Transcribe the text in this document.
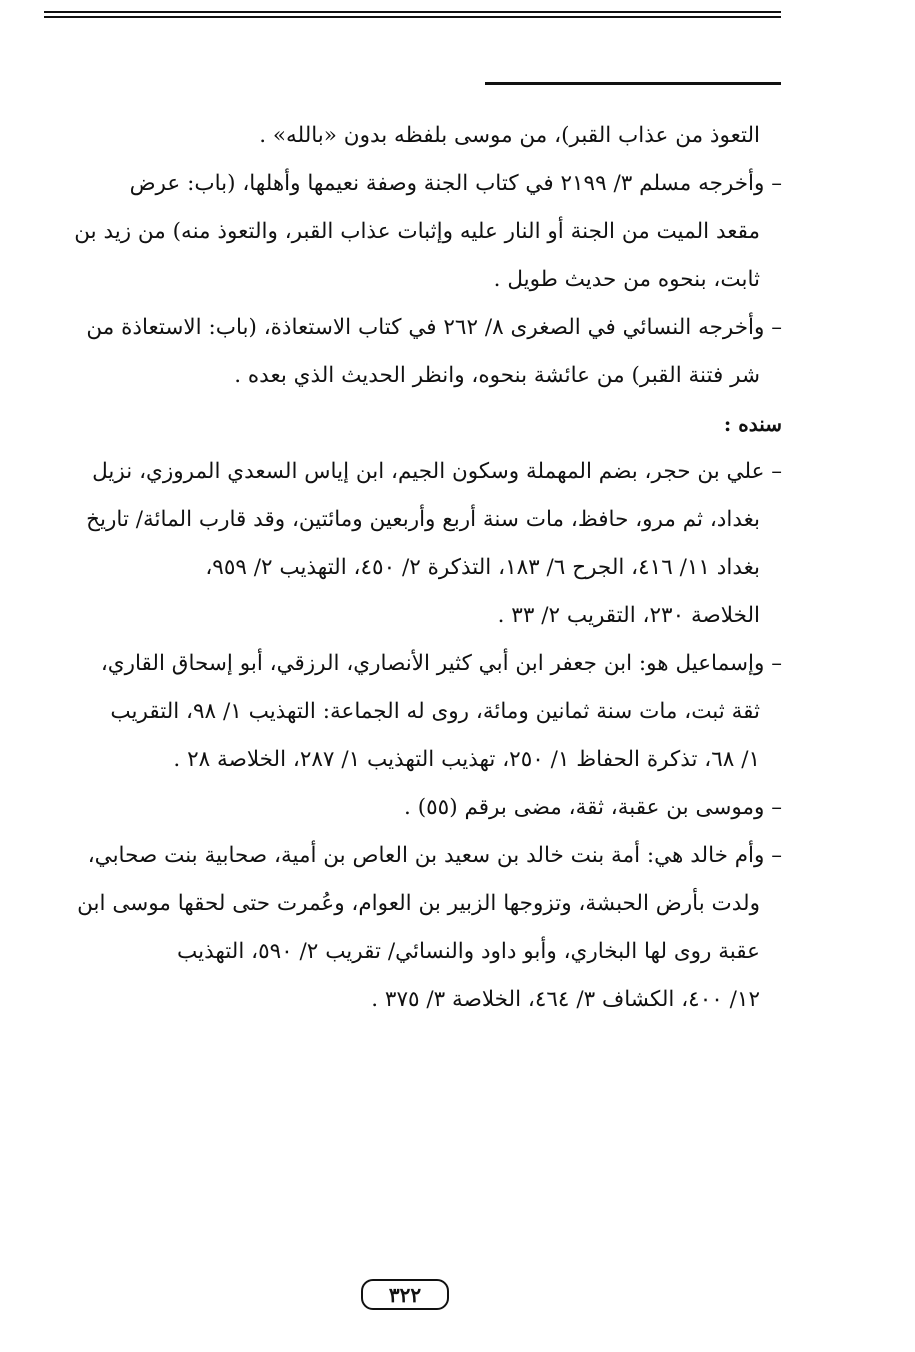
التعوذ من عذاب القبر)، من موسى بلفظه بدون «بالله» .
– وأخرجه مسلم ٣/ ٢١٩٩ في كتاب الجنة وصفة نعيمها وأهلها، (باب: عرض
مقعد الميت من الجنة أو النار عليه وإثبات عذاب القبر، والتعوذ منه) من زيد بن
ثابت، بنحوه من حديث طويل .
– وأخرجه النسائي في الصغرى ٨/ ٢٦٢ في كتاب الاستعاذة، (باب: الاستعاذة من
شر فتنة القبر) من عائشة بنحوه، وانظر الحديث الذي بعده .
سنده :
– علي بن حجر، بضم المهملة وسكون الجيم، ابن إياس السعدي المروزي، نزيل
بغداد، ثم مرو، حافظ، مات سنة أربع وأربعين ومائتين، وقد قارب المائة/ تاريخ
بغداد ١١/ ٤١٦، الجرح ٦/ ١٨٣، التذكرة ٢/ ٤٥٠، التهذيب ٢/ ٩٥٩،
الخلاصة ٢٣٠، التقريب ٢/ ٣٣ .
– وإسماعيل هو: ابن جعفر ابن أبي كثير الأنصاري، الرزقي، أبو إسحاق القاري،
ثقة ثبت، مات سنة ثمانين ومائة، روى له الجماعة: التهذيب ١/ ٩٨، التقريب
١/ ٦٨، تذكرة الحفاظ ١/ ٢٥٠، تهذيب التهذيب ١/ ٢٨٧، الخلاصة ٢٨ .
– وموسى بن عقبة، ثقة، مضى برقم (٥٥) .
– وأم خالد هي: أمة بنت خالد بن سعيد بن العاص بن أمية، صحابية بنت صحابي،
ولدت بأرض الحبشة، وتزوجها الزبير بن العوام، وعُمرت حتى لحقها موسى ابن
عقبة روى لها البخاري، وأبو داود والنسائي/ تقريب ٢/ ٥٩٠، التهذيب
١٢/ ٤٠٠، الكشاف ٣/ ٤٦٤، الخلاصة ٣/ ٣٧٥ .
٣٢٢
